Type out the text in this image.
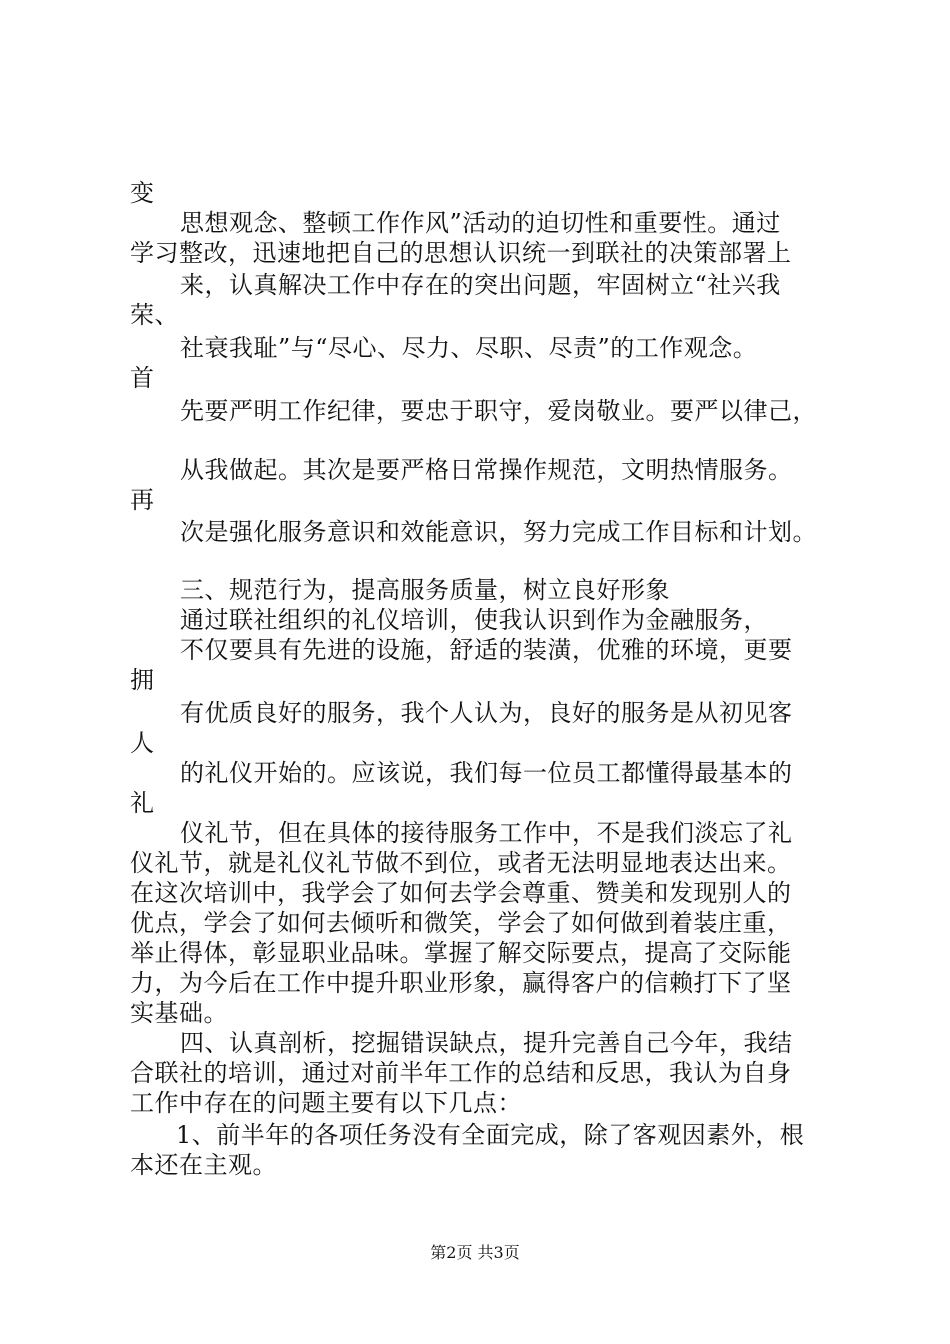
变
思想观念、整顿工作作风”活动的迫切性和重要性。通过
学习整改，迅速地把自己的思想认识统一到联社的决策部署上
来，认真解决工作中存在的突出问题，牢固树立“社兴我
荣、
社衰我耻”与“尽心、尽力、尽职、尽责”的工作观念。
首
先要严明工作纪律，要忠于职守，爱岗敬业。要严以律己，
从我做起。其次是要严格日常操作规范，文明热情服务。
再
次是强化服务意识和效能意识，努力完成工作目标和计划。
三、规范行为，提高服务质量，树立良好形象
通过联社组织的礼仪培训，使我认识到作为金融服务，
不仅要具有先进的设施，舒适的装潢，优雅的环境，更要
拥
有优质良好的服务，我个人认为，良好的服务是从初见客
人
的礼仪开始的。应该说，我们每一位员工都懂得最基本的
礼
仪礼节，但在具体的接待服务工作中，不是我们淡忘了礼
仪礼节，就是礼仪礼节做不到位，或者无法明显地表达出来。
在这次培训中，我学会了如何去学会尊重、赞美和发现别人的
优点，学会了如何去倾听和微笑，学会了如何做到着装庄重，
举止得体，彰显职业品味。掌握了解交际要点，提高了交际能
力，为今后在工作中提升职业形象，赢得客户的信赖打下了坚
实基础。
四、认真剖析，挖掘错误缺点，提升完善自己今年，我结
合联社的培训，通过对前半年工作的总结和反思，我认为自身
工作中存在的问题主要有以下几点：
1、前半年的各项任务没有全面完成，除了客观因素外，根
本还在主观。
第2页 共3页
